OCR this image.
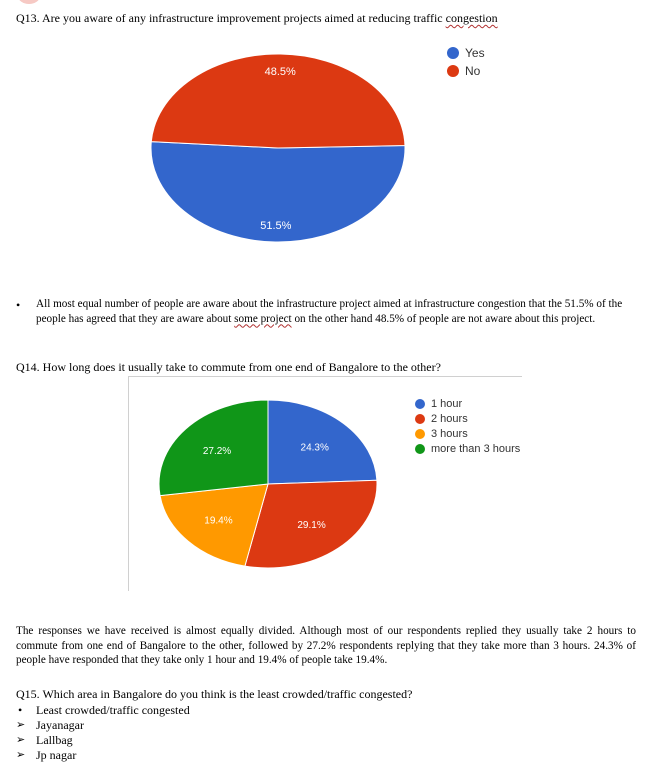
Q13. Are you aware of any infrastructure improvement projects aimed at reducing traffic congestion
51.5%
48.5%
Yes
No
• All most equal number of people are aware about the infrastructure project aimed at infrastructure congestion that the 51.5% of the people has agreed that they are aware about some project on the other hand 48.5% of people are not aware about this project.
Q14. How long does it usually take to commute from one end of Bangalore to the other?
24.3%
29.1%
19.4%
27.2%
1 hour
2 hours
3 hours
more than 3 hours
The responses we have received is almost equally divided. Although most of our respondents replied they usually take 2 hours to commute from one end of Bangalore to the other, followed by 27.2% respondents replying that they take more than 3 hours. 24.3% of people have responded that they take only 1 hour and 19.4% of people take 19.4%.
Q15. Which area in Bangalore do you think is the least crowded/traffic congested?
• Least crowded/traffic congested
➢ Jayanagar
➢ Lallbag
➢ Jp nagar
